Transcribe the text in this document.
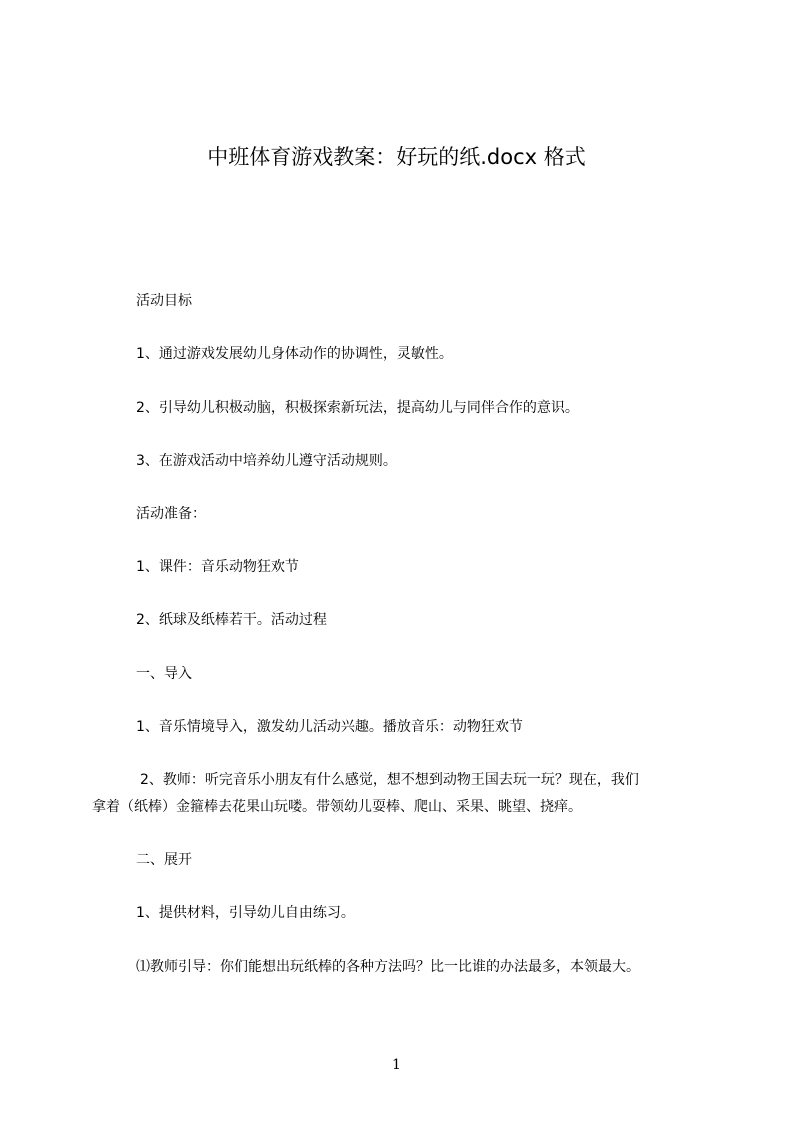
中班体育游戏教案：好玩的纸.docx 格式
活动目标
1、通过游戏发展幼儿身体动作的协调性，灵敏性。
2、引导幼儿积极动脑，积极探索新玩法，提高幼儿与同伴合作的意识。
3、在游戏活动中培养幼儿遵守活动规则。
活动准备：
1、课件：音乐动物狂欢节
2、纸球及纸棒若干。活动过程
一、导入
1、音乐情境导入，激发幼儿活动兴趣。播放音乐：动物狂欢节
2、教师：听完音乐小朋友有什么感觉，想不想到动物王国去玩一玩？现在，我们
拿着（纸棒）金箍棒去花果山玩喽。带领幼儿耍棒、爬山、采果、眺望、挠痒。
二、展开
1、提供材料，引导幼儿自由练习。
⑴教师引导：你们能想出玩纸棒的各种方法吗？比一比谁的办法最多，本领最大。
1
